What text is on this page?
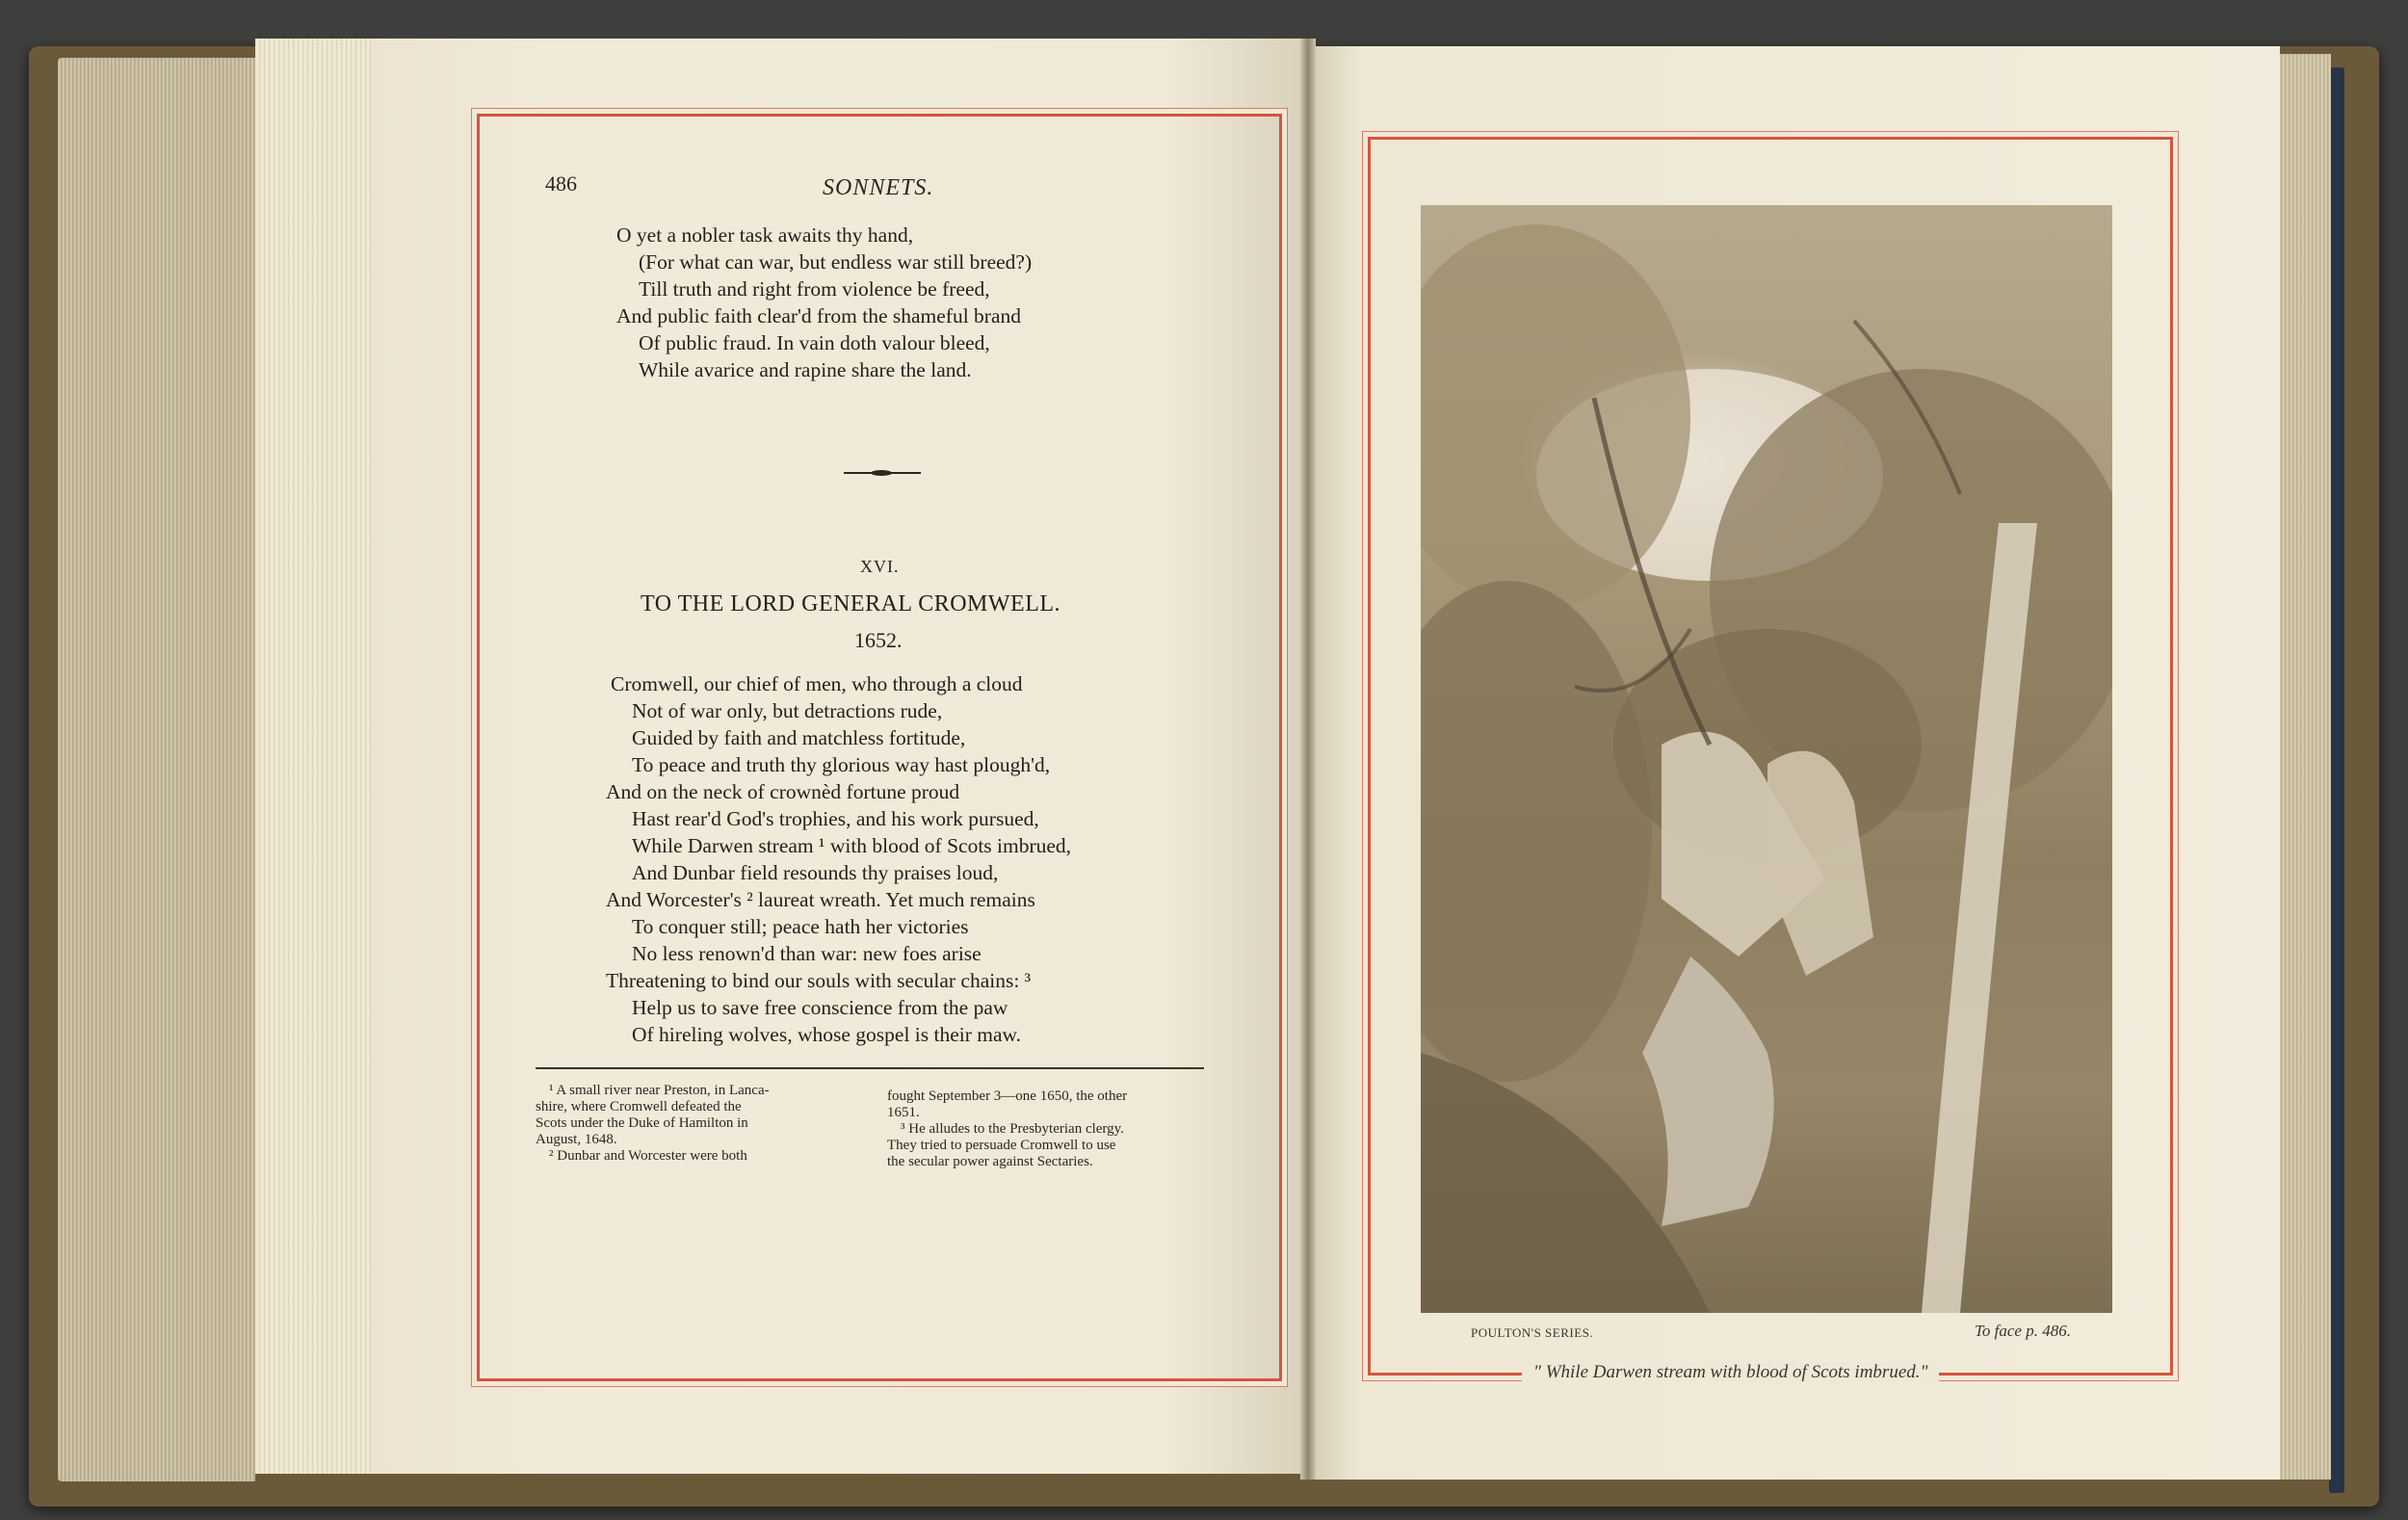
486	SONNETS.
O yet a nobler task awaits thy hand,
(For what can war, but endless war still breed?)
Till truth and right from violence be freed,
And public faith clear'd from the shameful brand
Of public fraud. In vain doth valour bleed,
While avarice and rapine share the land.
XVI.
TO THE LORD GENERAL CROMWELL.
1652.
Cromwell, our chief of men, who through a cloud
Not of war only, but detractions rude,
Guided by faith and matchless fortitude,
To peace and truth thy glorious way hast plough'd,
And on the neck of crownèd fortune proud
Hast rear'd God's trophies, and his work pursued,
While Darwen stream ¹ with blood of Scots imbrued,
And Dunbar field resounds thy praises loud,
And Worcester's ² laureat wreath. Yet much remains
To conquer still; peace hath her victories
No less renown'd than war: new foes arise
Threatening to bind our souls with secular chains: ³
Help us to save free conscience from the paw
Of hireling wolves, whose gospel is their maw.
¹ A small river near Preston, in Lanca-
shire, where Cromwell defeated the
Scots under the Duke of Hamilton in
August, 1648.
² Dunbar and Worcester were both
fought September 3—one 1650, the other
1651.
³ He alludes to the Presbyterian clergy.
They tried to persuade Cromwell to use
the secular power against Sectaries.
POULTON'S SERIES.	To face p. 486.
" While Darwen stream with blood of Scots imbrued."
